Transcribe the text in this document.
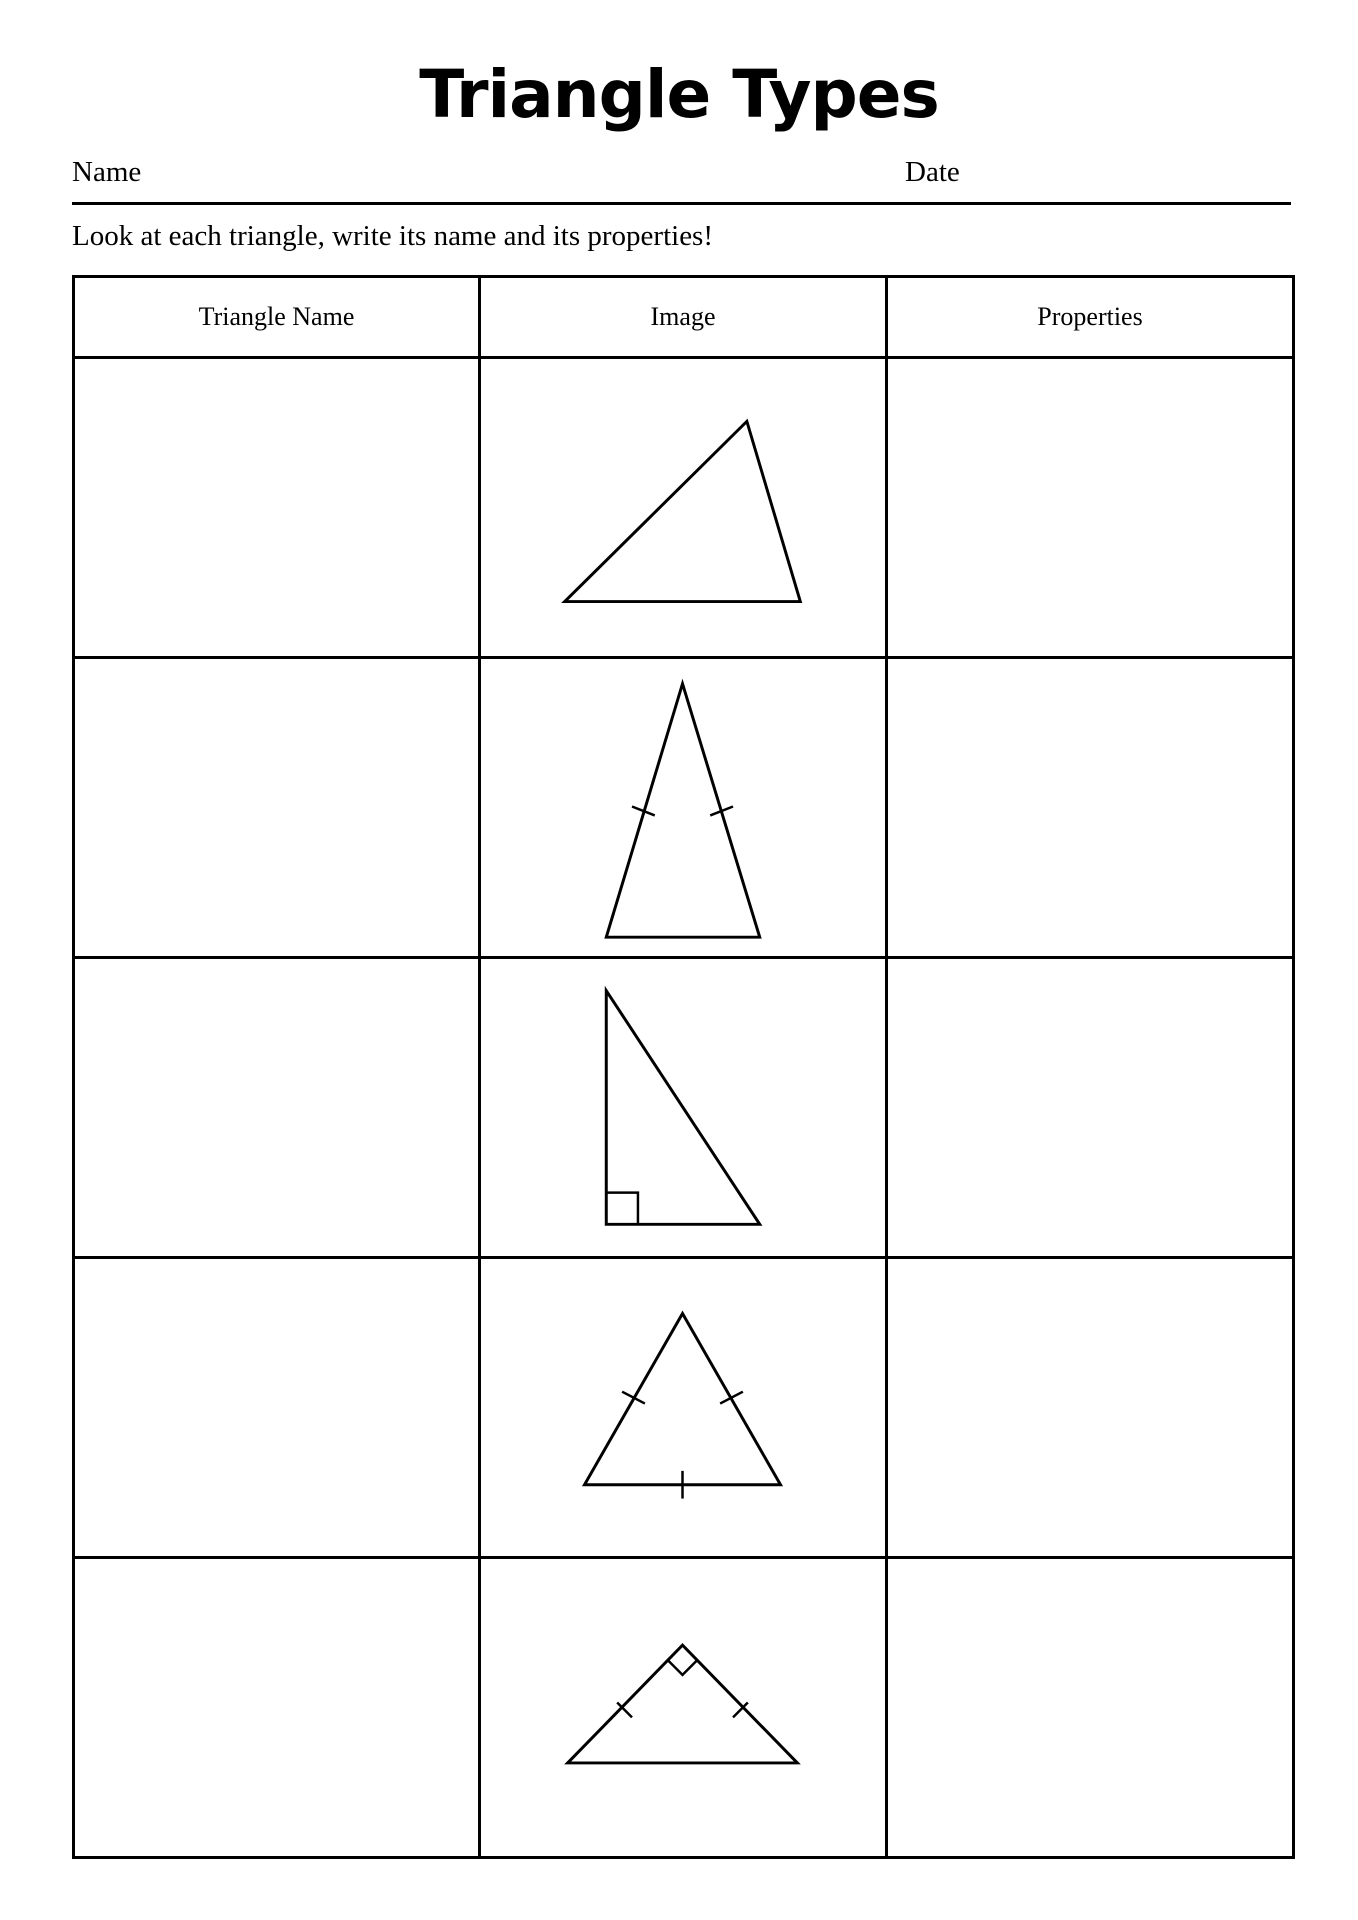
Triangle Types
Name	Date
Look at each triangle, write its name and its properties!
Triangle Name	Image	Properties
